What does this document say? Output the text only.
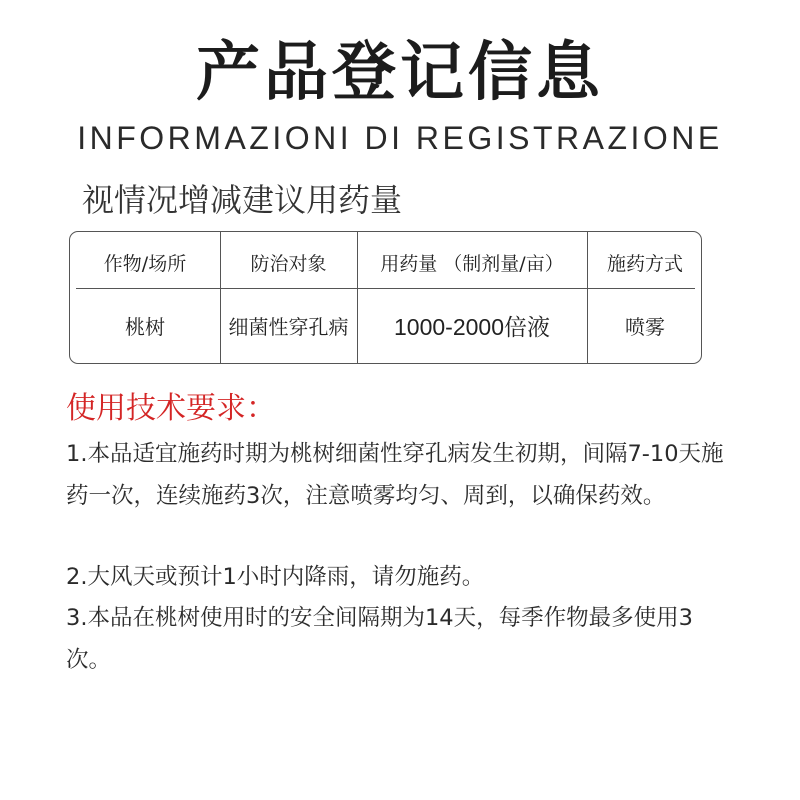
产品登记信息
INFORMAZIONI DI REGISTRAZIONE
视情况增减建议用药量
作物/场所	防治对象	用药量 （制剂量/亩）	施药方式
桃树	细菌性穿孔病	1000-2000倍液	喷雾
使用技术要求：
1.本品适宜施药时期为桃树细菌性穿孔病发生初期，间隔7-10天施药一次，连续施药3次，注意喷雾均匀、周到，以确保药效。
2.大风天或预计1小时内降雨，请勿施药。
3.本品在桃树使用时的安全间隔期为14天，每季作物最多使用3次。
